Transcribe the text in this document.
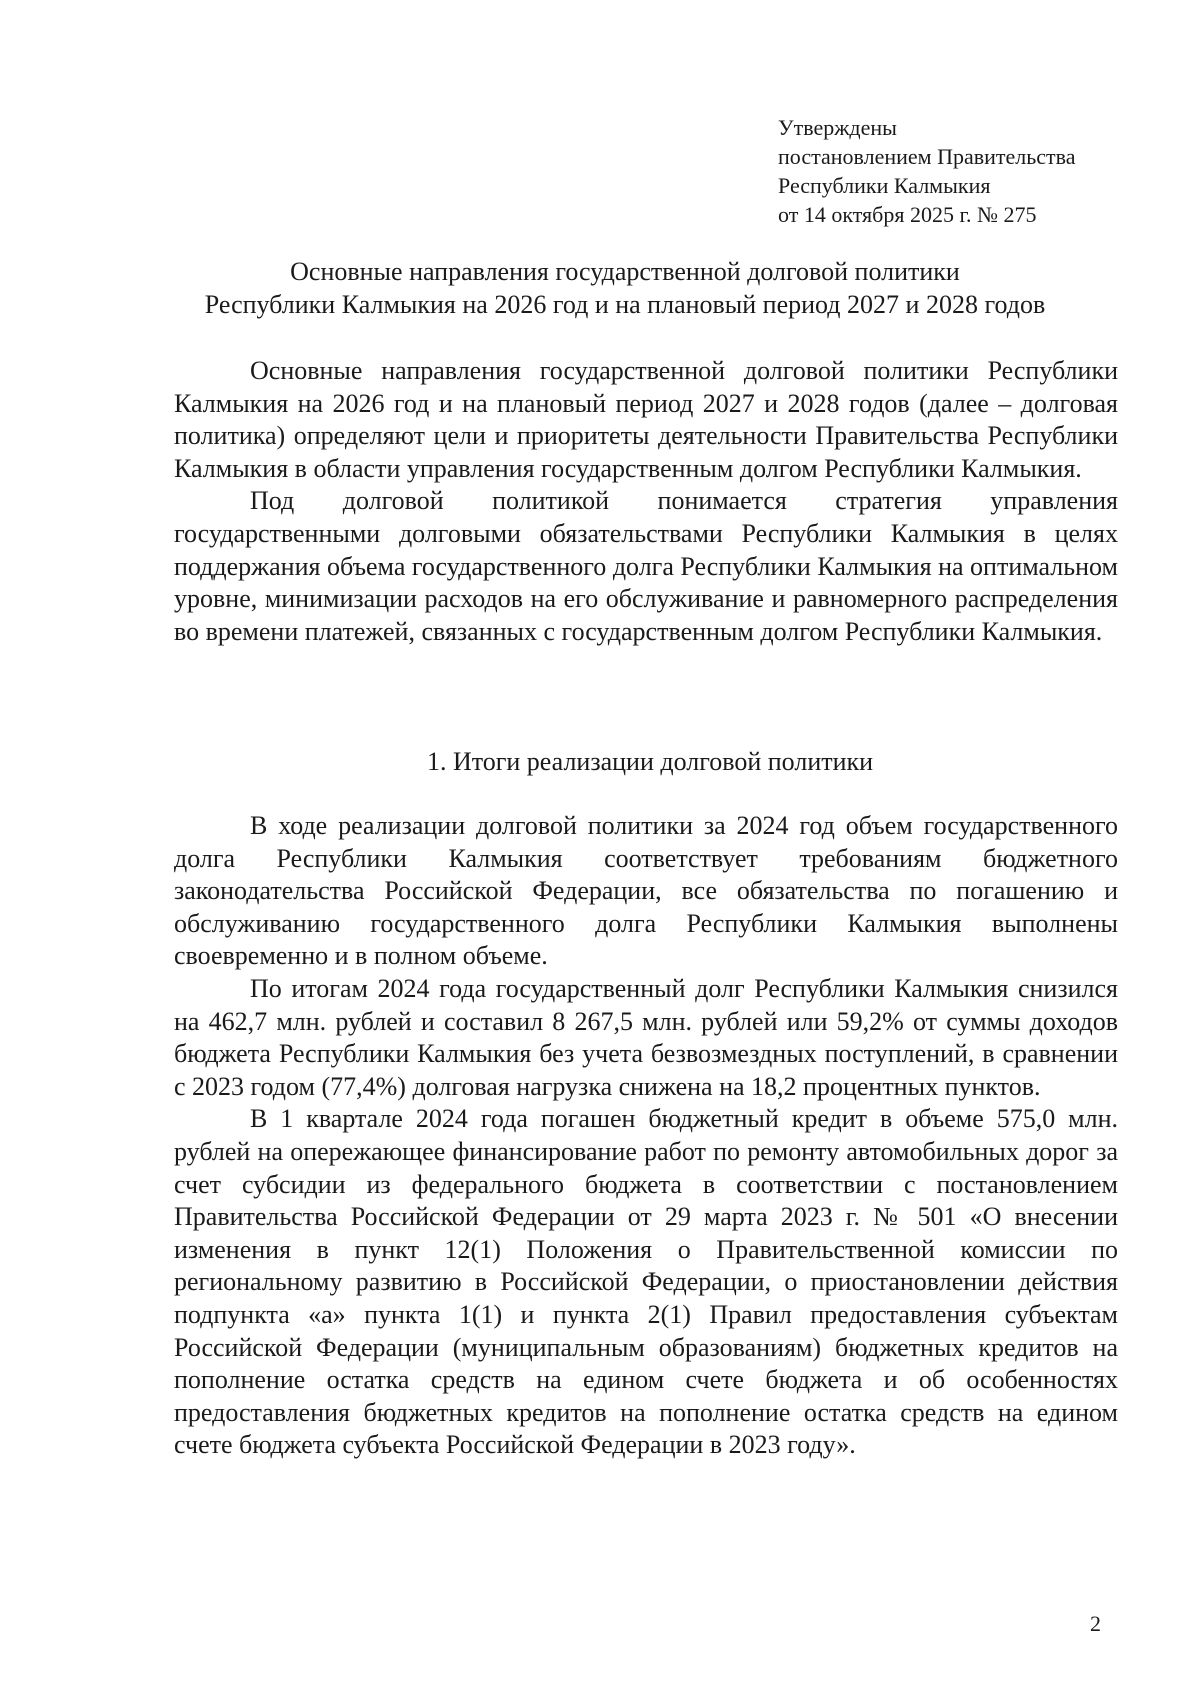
Утверждены
постановлением Правительства
Республики Калмыкия
от 14 октября 2025 г. № 275
Основные направления государственной долговой политики
Республики Калмыкия на 2026 год и на плановый период 2027 и 2028 годов

Основные направления государственной долговой политики Республики Калмыкия на 2026 год и на плановый период 2027 и 2028 годов (далее – долговая политика) определяют цели и приоритеты деятельности Правительства Республики Калмыкия в области управления государственным долгом Республики Калмыкия.

Под долговой политикой понимается стратегия управления государственными долговыми обязательствами Республики Калмыкия в целях поддержания объема государственного долга Республики Калмыкия на оптимальном уровне, минимизации расходов на его обслуживание и равномерного распределения во времени платежей, связанных с государственным долгом Республики Калмыкия.

1. Итоги реализации долговой политики

В ходе реализации долговой политики за 2024 год объем государственного долга Республики Калмыкия соответствует требованиям бюджетного законодательства Российской Федерации, все обязательства по погашению и обслуживанию государственного долга Республики Калмыкия выполнены своевременно и в полном объеме.

По итогам 2024 года государственный долг Республики Калмыкия снизился на 462,7 млн. рублей и составил 8 267,5 млн. рублей или 59,2% от суммы доходов бюджета Республики Калмыкия без учета безвозмездных поступлений, в сравнении с 2023 годом (77,4%) долговая нагрузка снижена на 18,2 процентных пунктов.

В 1 квартале 2024 года погашен бюджетный кредит в объеме 575,0 млн. рублей на опережающее финансирование работ по ремонту автомобильных дорог за счет субсидии из федерального бюджета в соответствии с постановлением Правительства Российской Федерации от 29 марта 2023 г. № 501 «О внесении изменения в пункт 12(1) Положения о Правительственной комиссии по региональному развитию в Российской Федерации, о приостановлении действия подпункта «а» пункта 1(1) и пункта 2(1) Правил предоставления субъектам Российской Федерации (муниципальным образованиям) бюджетных кредитов на пополнение остатка средств на едином счете бюджета и об особенностях предоставления бюджетных кредитов на пополнение остатка средств на едином счете бюджета субъекта Российской Федерации в 2023 году».

2
